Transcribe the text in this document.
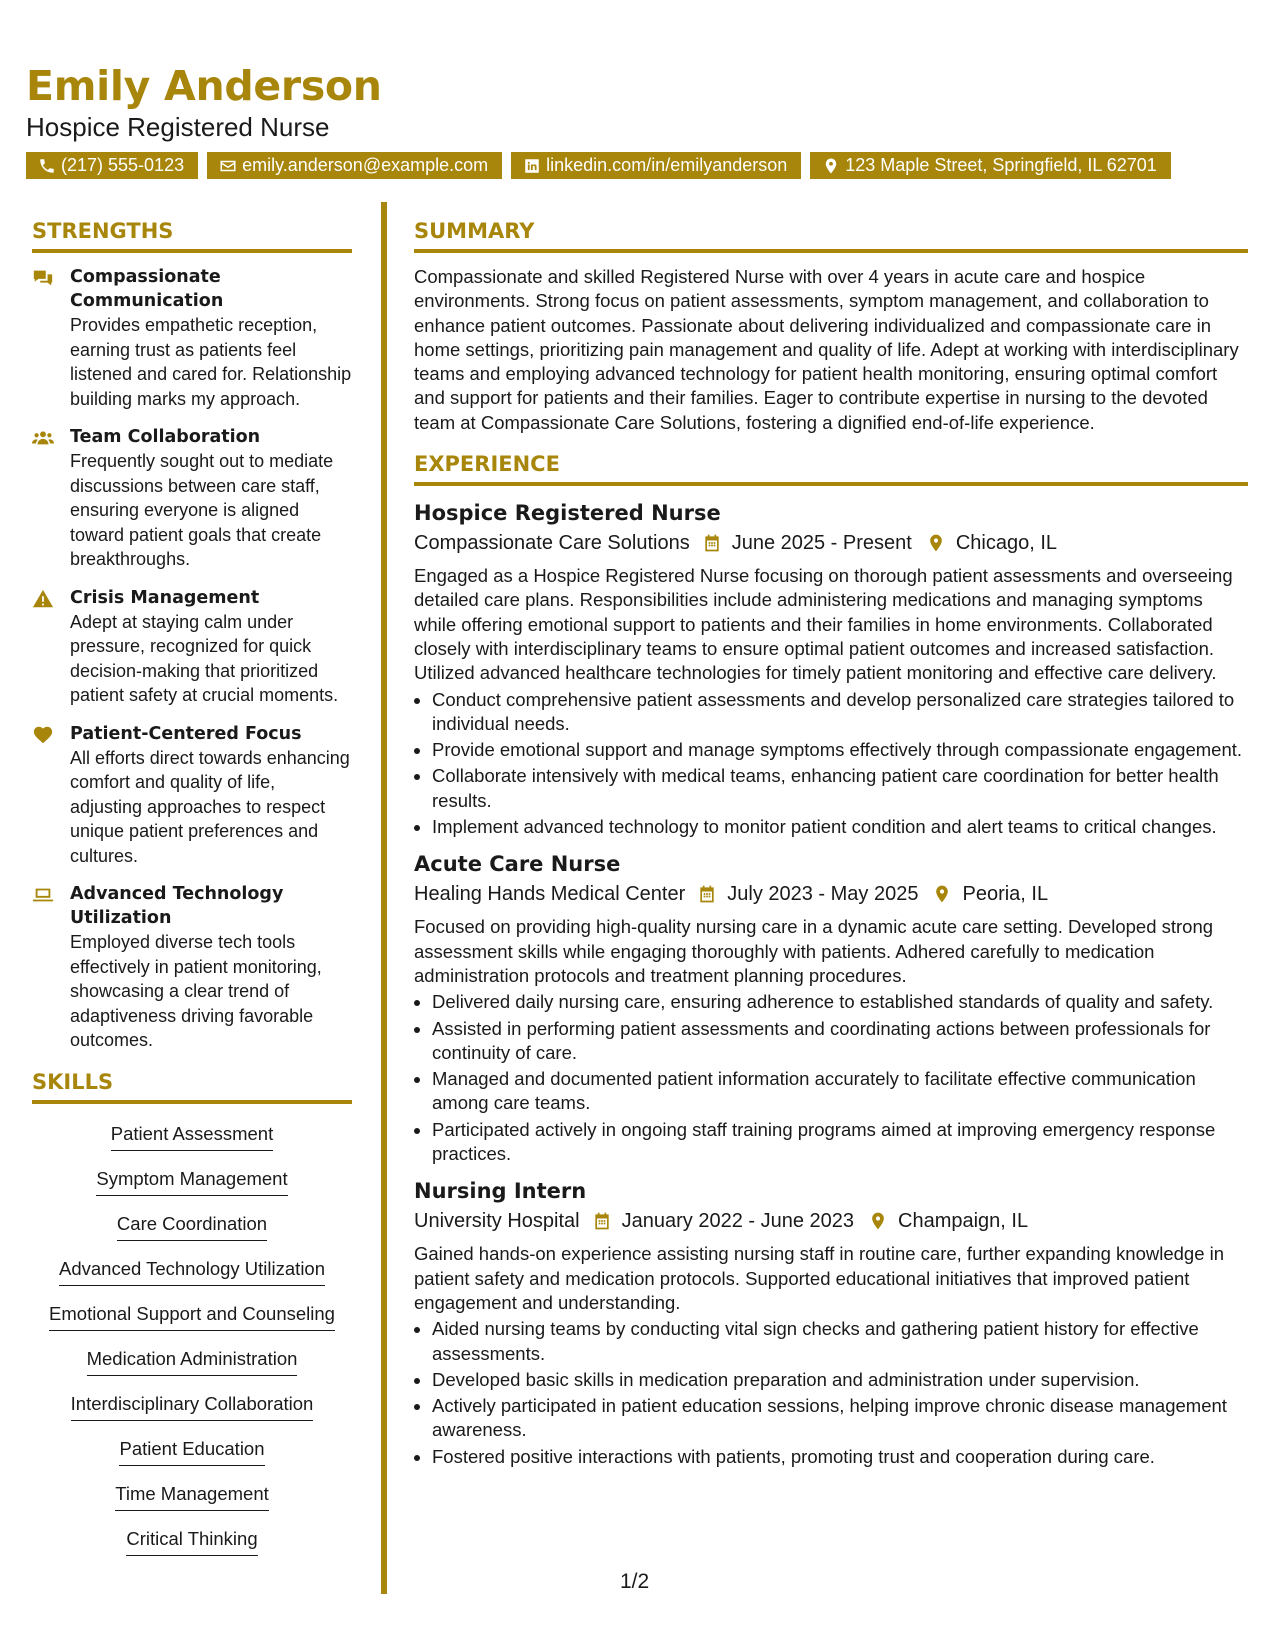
Emily Anderson
Hospice Registered Nurse
(217) 555-0123	emily.anderson@example.com	linkedin.com/in/emilyanderson	123 Maple Street, Springfield, IL 62701
STRENGTHS
Compassionate Communication
Provides empathetic reception, earning trust as patients feel listened and cared for. Relationship building marks my approach.
Team Collaboration
Frequently sought out to mediate discussions between care staff, ensuring everyone is aligned toward patient goals that create breakthroughs.
Crisis Management
Adept at staying calm under pressure, recognized for quick decision-making that prioritized patient safety at crucial moments.
Patient-Centered Focus
All efforts direct towards enhancing comfort and quality of life, adjusting approaches to respect unique patient preferences and cultures.
Advanced Technology Utilization
Employed diverse tech tools effectively in patient monitoring, showcasing a clear trend of adaptiveness driving favorable outcomes.
SKILLS
Patient Assessment
Symptom Management
Care Coordination
Advanced Technology Utilization
Emotional Support and Counseling
Medication Administration
Interdisciplinary Collaboration
Patient Education
Time Management
Critical Thinking
SUMMARY

Compassionate and skilled Registered Nurse with over 4 years in acute care and hospice environments. Strong focus on patient assessments, symptom management, and collaboration to enhance patient outcomes. Passionate about delivering individualized and compassionate care in home settings, prioritizing pain management and quality of life. Adept at working with interdisciplinary teams and employing advanced technology for patient health monitoring, ensuring optimal comfort and support for patients and their families. Eager to contribute expertise in nursing to the devoted team at Compassionate Care Solutions, fostering a dignified end-of-life experience.

EXPERIENCE
Hospice Registered Nurse
Compassionate Care Solutions June 2025 - Present Chicago, IL

Engaged as a Hospice Registered Nurse focusing on thorough patient assessments and overseeing detailed care plans. Responsibilities include administering medications and managing symptoms while offering emotional support to patients and their families in home environments. Collaborated closely with interdisciplinary teams to ensure optimal patient outcomes and increased satisfaction. Utilized advanced healthcare technologies for timely patient monitoring and effective care delivery.

• Conduct comprehensive patient assessments and develop personalized care strategies tailored to individual needs.
• Provide emotional support and manage symptoms effectively through compassionate engagement.
• Collaborate intensively with medical teams, enhancing patient care coordination for better health results.
• Implement advanced technology to monitor patient condition and alert teams to critical changes.
Acute Care Nurse
Healing Hands Medical Center July 2023 - May 2025 Peoria, IL

Focused on providing high-quality nursing care in a dynamic acute care setting. Developed strong assessment skills while engaging thoroughly with patients. Adhered carefully to medication administration protocols and treatment planning procedures.

• Delivered daily nursing care, ensuring adherence to established standards of quality and safety.
• Assisted in performing patient assessments and coordinating actions between professionals for continuity of care.
• Managed and documented patient information accurately to facilitate effective communication among care teams.
• Participated actively in ongoing staff training programs aimed at improving emergency response practices.
Nursing Intern
University Hospital January 2022 - June 2023 Champaign, IL

Gained hands-on experience assisting nursing staff in routine care, further expanding knowledge in patient safety and medication protocols. Supported educational initiatives that improved patient engagement and understanding.

• Aided nursing teams by conducting vital sign checks and gathering patient history for effective assessments.
• Developed basic skills in medication preparation and administration under supervision.
• Actively participated in patient education sessions, helping improve chronic disease management awareness.
• Fostered positive interactions with patients, promoting trust and cooperation during care.
1/2
